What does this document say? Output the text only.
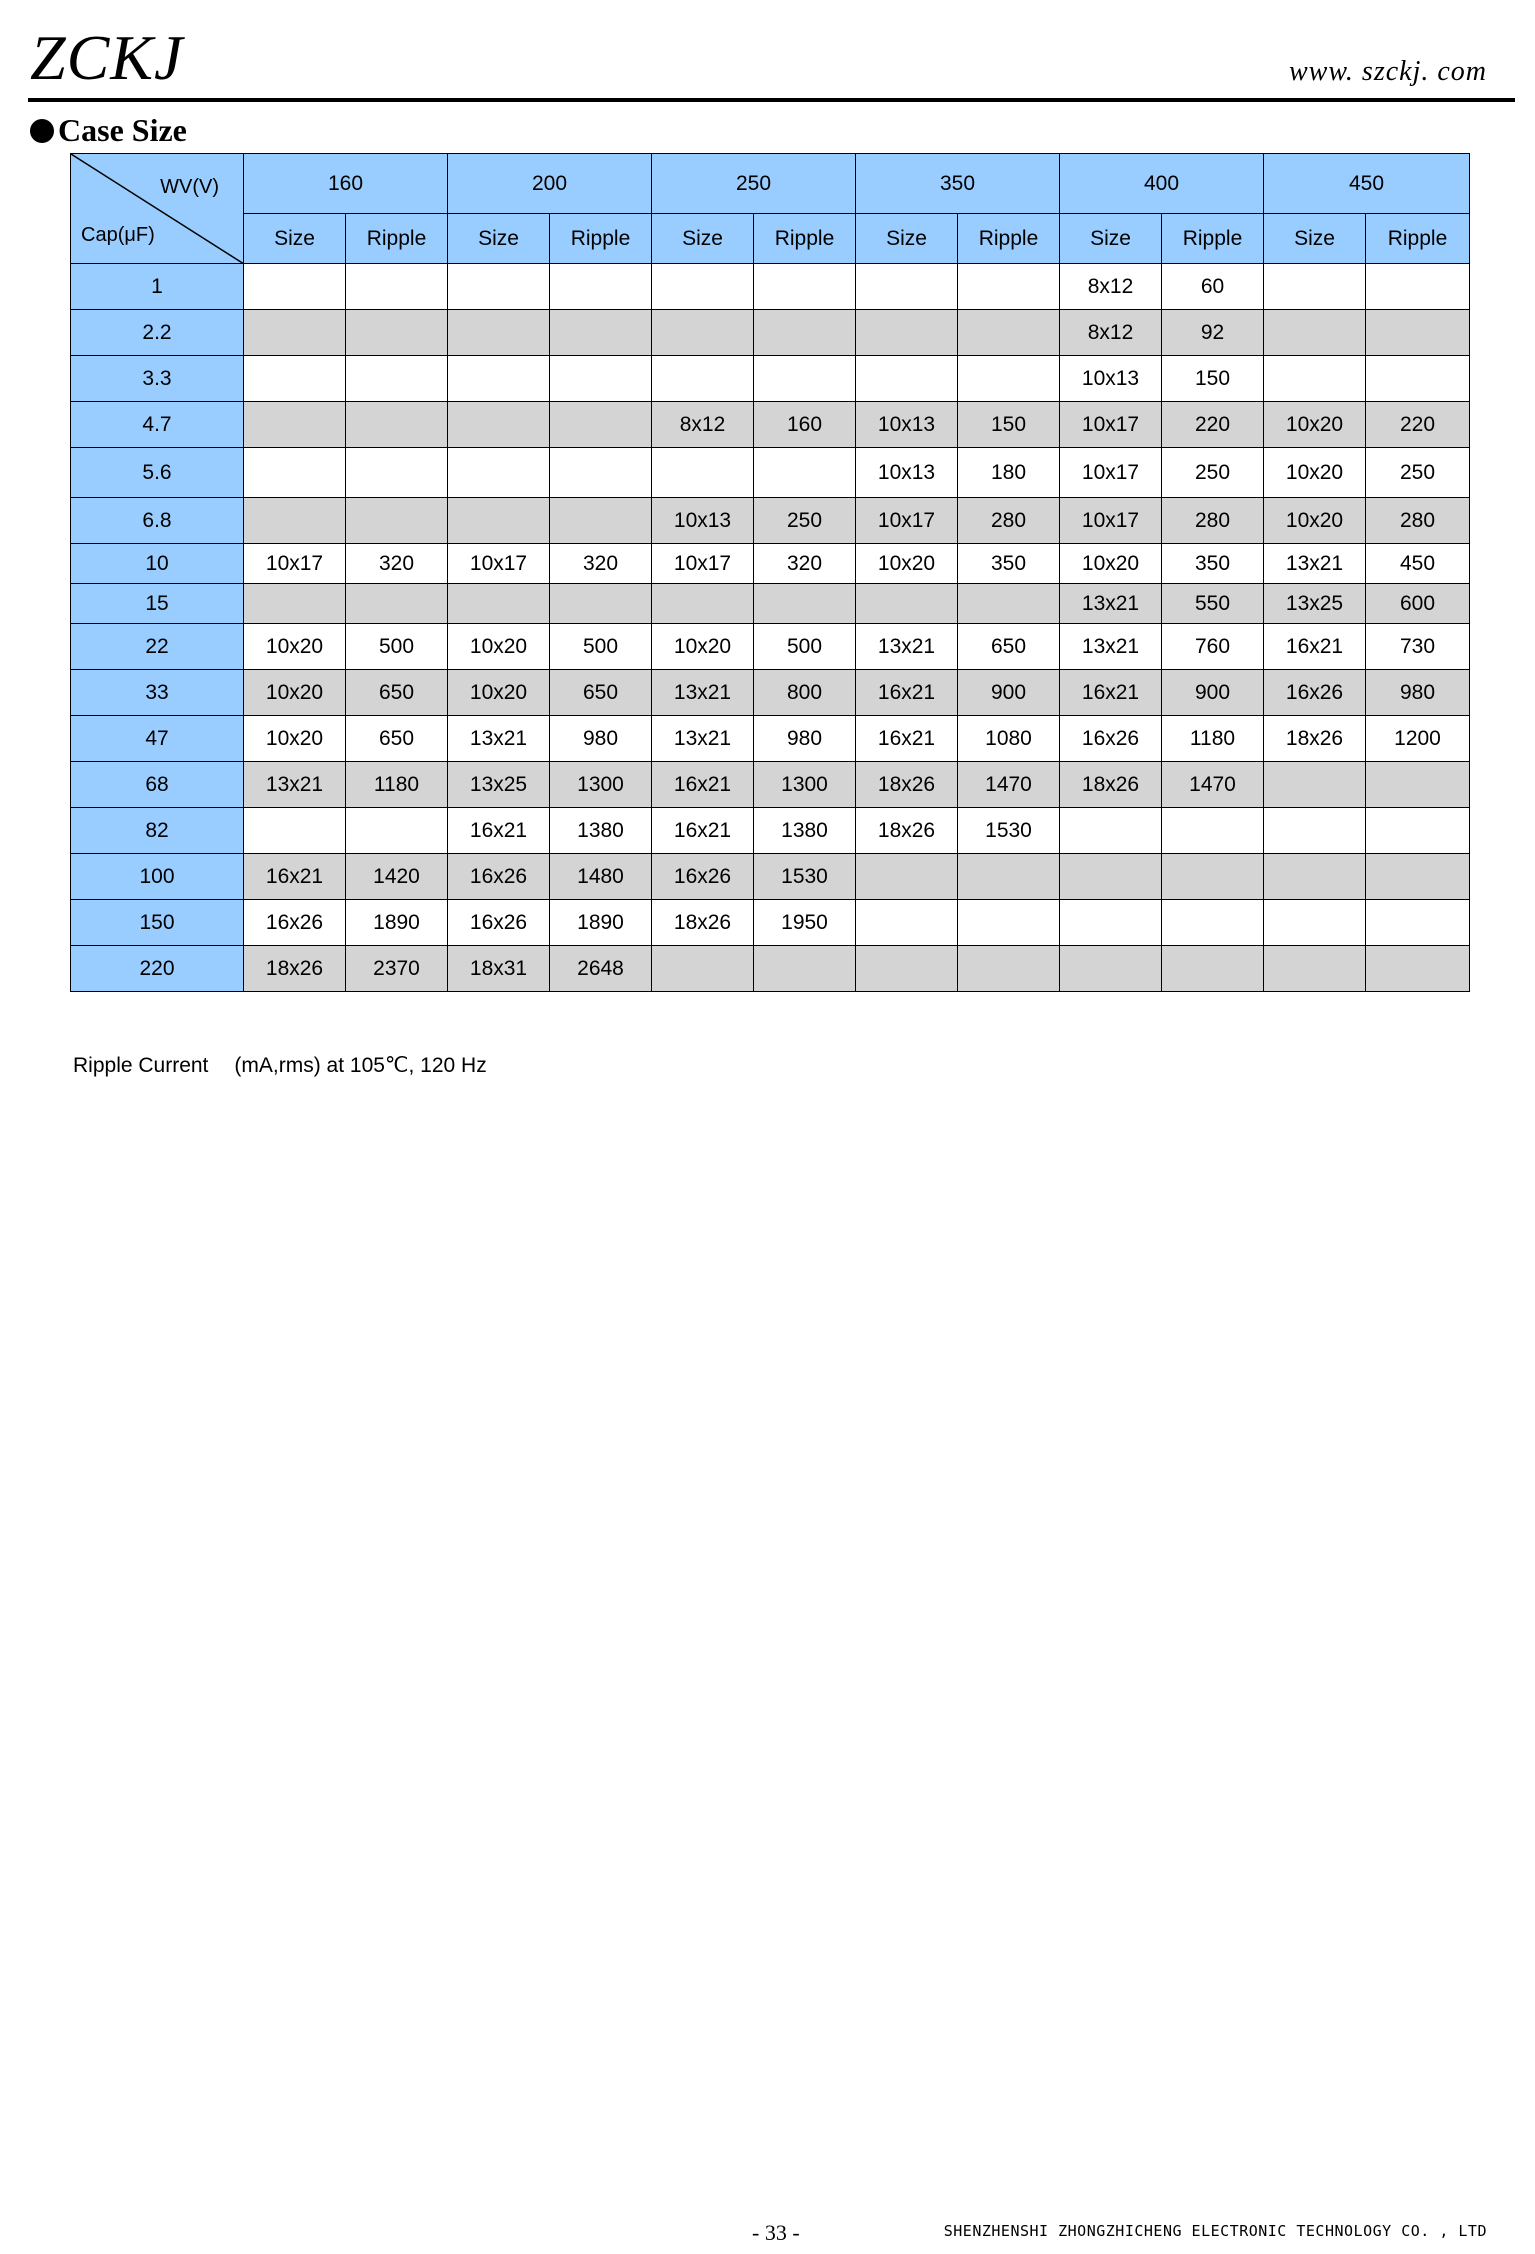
ZCKJ	www. szckj. com
Case Size
WV(V)
Cap(μF)	160		200		250		350		400		450	
	Size	Ripple	Size	Ripple	Size	Ripple	Size	Ripple	Size	Ripple	Size	Ripple
1									8x12	60		
2.2									8x12	92		
3.3									10x13	150		
4.7					8x12	160	10x13	150	10x17	220	10x20	220
5.6							10x13	180	10x17	250	10x20	250
6.8					10x13	250	10x17	280	10x17	280	10x20	280
10	10x17	320	10x17	320	10x17	320	10x20	350	10x20	350	13x21	450
15									13x21	550	13x25	600
22	10x20	500	10x20	500	10x20	500	13x21	650	13x21	760	16x21	730
33	10x20	650	10x20	650	13x21	800	16x21	900	16x21	900	16x26	980
47	10x20	650	13x21	980	13x21	980	16x21	1080	16x26	1180	18x26	1200
68	13x21	1180	13x25	1300	16x21	1300	18x26	1470	18x26	1470		
82			16x21	1380	16x21	1380	18x26	1530				
100	16x21	1420	16x26	1480	16x26	1530						
150	16x26	1890	16x26	1890	18x26	1950						
220	18x26	2370	18x31	2648								
Ripple Current (mA,rms) at 105℃, 120 Hz
- 33 -	SHENZHENSHI ZHONGZHICHENG ELECTRONIC TECHNOLOGY CO. , LTD
